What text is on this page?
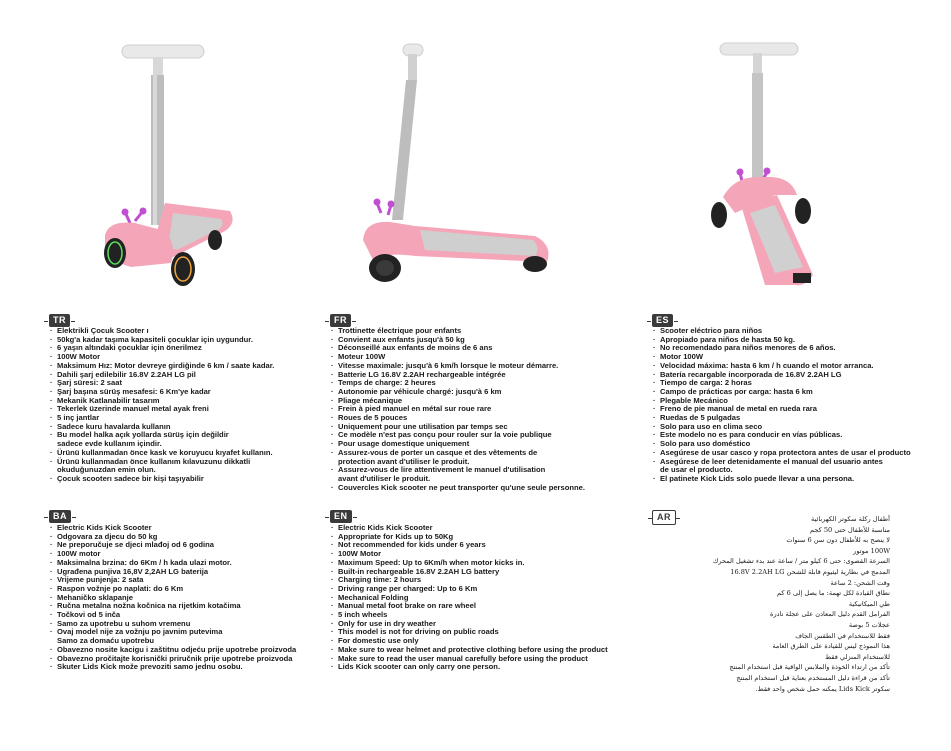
TR
· Elektrikli Çocuk Scooter ı
· 50kg'a kadar taşıma kapasiteli çocuklar için uygundur.
· 6 yaşın altındaki çocuklar için önerilmez
· 100W Motor
· Maksimum Hız: Motor devreye girdiğinde 6 km / saate kadar.
· Dahili şarj edilebilir 16.8V 2.2AH LG pil
· Şarj süresi: 2 saat
· Şarj başına sürüş mesafesi: 6 Km'ye kadar
· Mekanik Katlanabilir tasarım
· Tekerlek üzerinde manuel metal ayak freni
· 5 inç jantlar
· Sadece kuru havalarda kullanın
· Bu model halka açık yollarda sürüş için değildir
sadece evde kullanım içindir.
· Ürünü kullanmadan önce kask ve koruyucu kıyafet kullanın.
· Ürünü kullanmadan önce kullanım kılavuzunu dikkatli
okuduğunuzdan emin olun.
· Çocuk scooterı sadece bir kişi taşıyabilir
FR
· Trottinette électrique pour enfants
· Convient aux enfants jusqu'à 50 kg
· Déconseillé aux enfants de moins de 6 ans
· Moteur 100W
· Vitesse maximale: jusqu'à 6 km/h lorsque le moteur démarre.
· Batterie LG 16.8V 2.2AH rechargeable intégrée
· Temps de charge: 2 heures
· Autonomie par véhicule chargé: jusqu'à 6 km
· Pliage mécanique
· Frein à pied manuel en métal sur roue rare
· Roues de 5 pouces
· Uniquement pour une utilisation par temps sec
· Ce modèle n'est pas conçu pour rouler sur la voie publique
· Pour usage domestique uniquement
· Assurez-vous de porter un casque et des vêtements de
protection avant d'utiliser le produit.
· Assurez-vous de lire attentivement le manuel d'utilisation
avant d'utiliser le produit.
· Couvercles Kick scooter ne peut transporter qu'une seule personne.
ES
· Scooter eléctrico para niños
· Apropiado para niños de hasta 50 kg.
· No recomendado para niños menores de 6 años.
· Motor 100W
· Velocidad máxima: hasta 6 km / h cuando el motor arranca.
· Batería recargable incorporada de 16.8V 2.2AH LG
· Tiempo de carga: 2 horas
· Campo de prácticas por carga: hasta 6 km
· Plegable Mecánico
· Freno de pie manual de metal en rueda rara
· Ruedas de 5 pulgadas
· Solo para uso en clima seco
· Este modelo no es para conducir en vías públicas.
· Solo para uso doméstico
· Asegúrese de usar casco y ropa protectora antes de usar el producto
· Asegúrese de leer detenidamente el manual del usuario antes
de usar el producto.
· El patinete Kick Lids solo puede llevar a una persona.
BA
· Electric Kids Kick Scooter
· Odgovara za djecu do 50 kg
· Ne preporučuje se djeci mlađoj od 6 godina
· 100W motor
· Maksimalna brzina: do 6Km / h kada ulazi motor.
· Ugrađena punjiva 16,8V 2,2AH LG baterija
· Vrijeme punjenja: 2 sata
· Raspon vožnje po naplati: do 6 Km
· Mehaničko sklapanje
· Ručna metalna nožna kočnica na rijetkim kotačima
· Točkovi od 5 inča
· Samo za upotrebu u suhom vremenu
· Ovaj model nije za vožnju po javnim putevima
Samo za domaću upotrebu
· Obavezno nosite kacigu i zaštitnu odjeću prije upotrebe proizvoda
· Obavezno pročitajte korisnički priručnik prije upotrebe proizvoda
· Skuter Lids Kick može prevoziti samo jednu osobu.
EN
· Electric Kids Kick Scooter
· Appropriate for Kids up to 50Kg
· Not recommended for kids under 6 years
· 100W Motor
· Maximum Speed: Up to 6Km/h when motor kicks in.
· Built-in rechargeable 16.8V 2.2AH LG battery
· Charging time: 2 hours
· Driving range per charged: Up to 6 Km
· Mechanical Folding
· Manual metal foot brake on rare wheel
· 5 inch wheels
· Only for use in dry weather
· This model is not for driving on public roads
· For domestic use only
· Make sure to wear helmet and protective clothing before using the product
· Make sure to read the user manual carefully before using the product
· Lids Kick scooter can only carry one person.
AR	أطفال ركلة سكوتر الكهربائية
مناسبة للأطفال حتى 50 كجم
لا ينصح به للأطفال دون سن 6 سنوات
100W موتور
السرعة القصوى: حتى 6 كيلو متر / ساعة عند بدء تشغيل المحرك
المدمج في بطارية ليثيوم قابلة للشحن 16.8V 2.2AH LG
وقت الشحن: 2 ساعة
نطاق القيادة لكل تهمة: ما يصل إلى 6 كم
طي الميكانيكية
الفرامل القدم دليل المعادن على عجلة نادرة
عجلات 5 بوصة
فقط للاستخدام في الطقس الجاف
هذا النموذج ليس للقيادة على الطرق العامة
للاستخدام المنزلي فقط
تأكد من ارتداء الخوذة والملابس الواقية قبل استخدام المنتج
تأكد من قراءة دليل المستخدم بعناية قبل استخدام المنتج
سكوتر Lids Kick يمكنه حمل شخص واحد فقط.
